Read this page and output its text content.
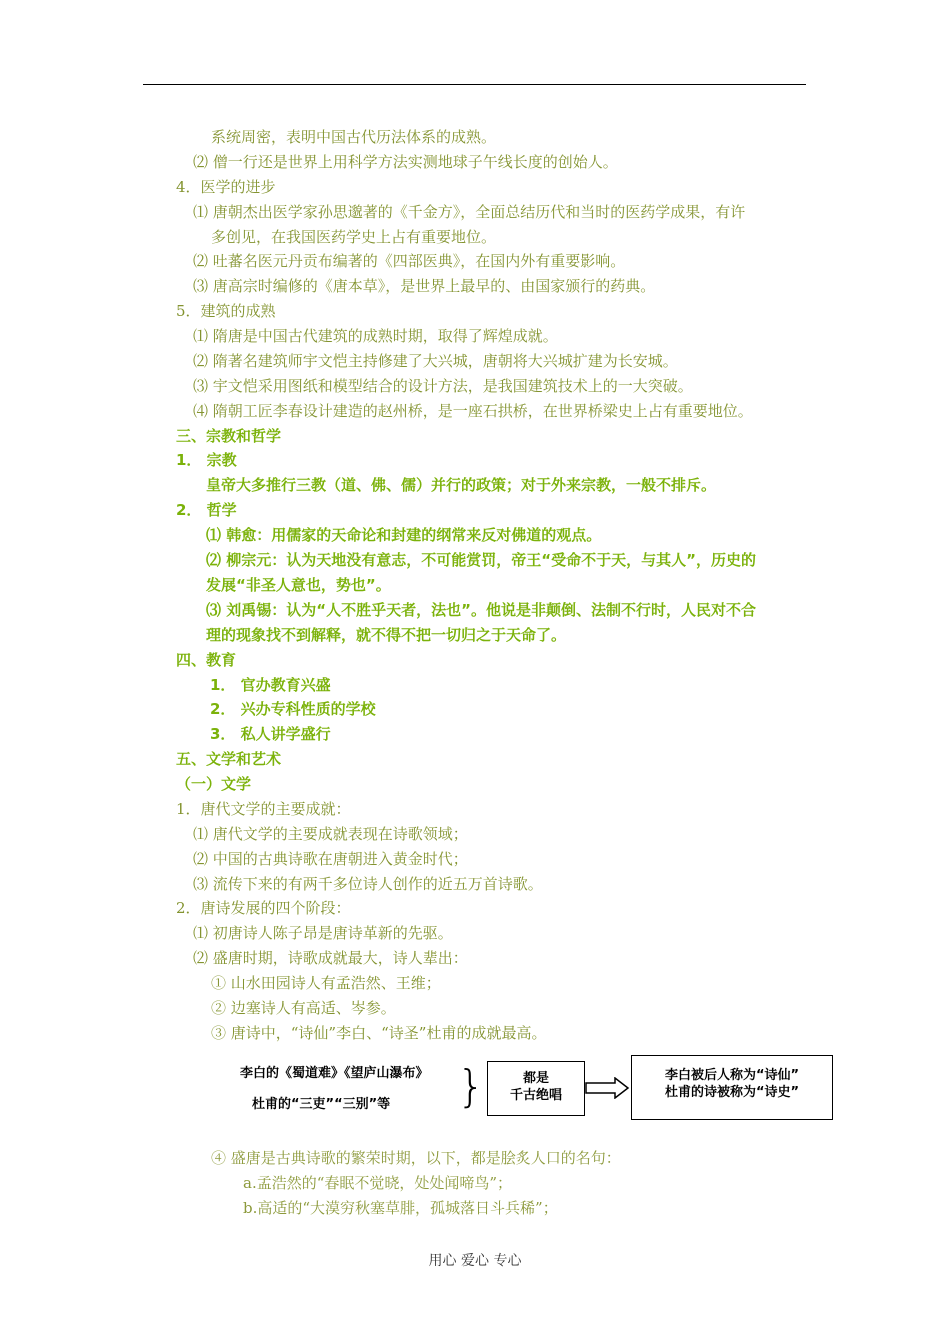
系统周密，表明中国古代历法体系的成熟。
⑵ 僧一行还是世界上用科学方法实测地球子午线长度的创始人。
4．医学的进步
⑴ 唐朝杰出医学家孙思邈著的《千金方》，全面总结历代和当时的医药学成果，有许
多创见，在我国医药学史上占有重要地位。
⑵ 吐蕃名医元丹贡布编著的《四部医典》，在国内外有重要影响。
⑶ 唐高宗时编修的《唐本草》，是世界上最早的、由国家颁行的药典。
5．建筑的成熟
⑴ 隋唐是中国古代建筑的成熟时期，取得了辉煌成就。
⑵ 隋著名建筑师宇文恺主持修建了大兴城，唐朝将大兴城扩建为长安城。
⑶ 宇文恺采用图纸和模型结合的设计方法，是我国建筑技术上的一大突破。
⑷ 隋朝工匠李春设计建造的赵州桥，是一座石拱桥，在世界桥梁史上占有重要地位。
三、宗教和哲学
1． 宗教
皇帝大多推行三教（道、佛、儒）并行的政策；对于外来宗教，一般不排斥。
2． 哲学
⑴ 韩愈：用儒家的天命论和封建的纲常来反对佛道的观点。
⑵ 柳宗元：认为天地没有意志，不可能赏罚，帝王“受命不于天，与其人”，历史的
发展“非圣人意也，势也”。
⑶ 刘禹锡：认为“人不胜乎天者，法也”。他说是非颠倒、法制不行时，人民对不合
理的现象找不到解释，就不得不把一切归之于天命了。
四、教育
1． 官办教育兴盛
2． 兴办专科性质的学校
3． 私人讲学盛行
五、文学和艺术
（一）文学
1．唐代文学的主要成就：
⑴ 唐代文学的主要成就表现在诗歌领域；
⑵ 中国的古典诗歌在唐朝进入黄金时代；
⑶ 流传下来的有两千多位诗人创作的近五万首诗歌。
2．唐诗发展的四个阶段：
⑴ 初唐诗人陈子昂是唐诗革新的先驱。
⑵ 盛唐时期，诗歌成就最大，诗人辈出：
① 山水田园诗人有孟浩然、王维；
② 边塞诗人有高适、岑参。
③ 唐诗中，“诗仙”李白、“诗圣”杜甫的成就最高。
李白的《蜀道难》《望庐山瀑布》
杜甫的“三吏”“三别”等 }	都是
千古绝唱
李白被后人称为“诗仙”
杜甫的诗被称为“诗史”
④ 盛唐是古典诗歌的繁荣时期，以下，都是脍炙人口的名句：
a.孟浩然的“春眠不觉晓，处处闻啼鸟”；
b.高适的“大漠穷秋塞草腓，孤城落日斗兵稀”；
用心 爱心 专心
